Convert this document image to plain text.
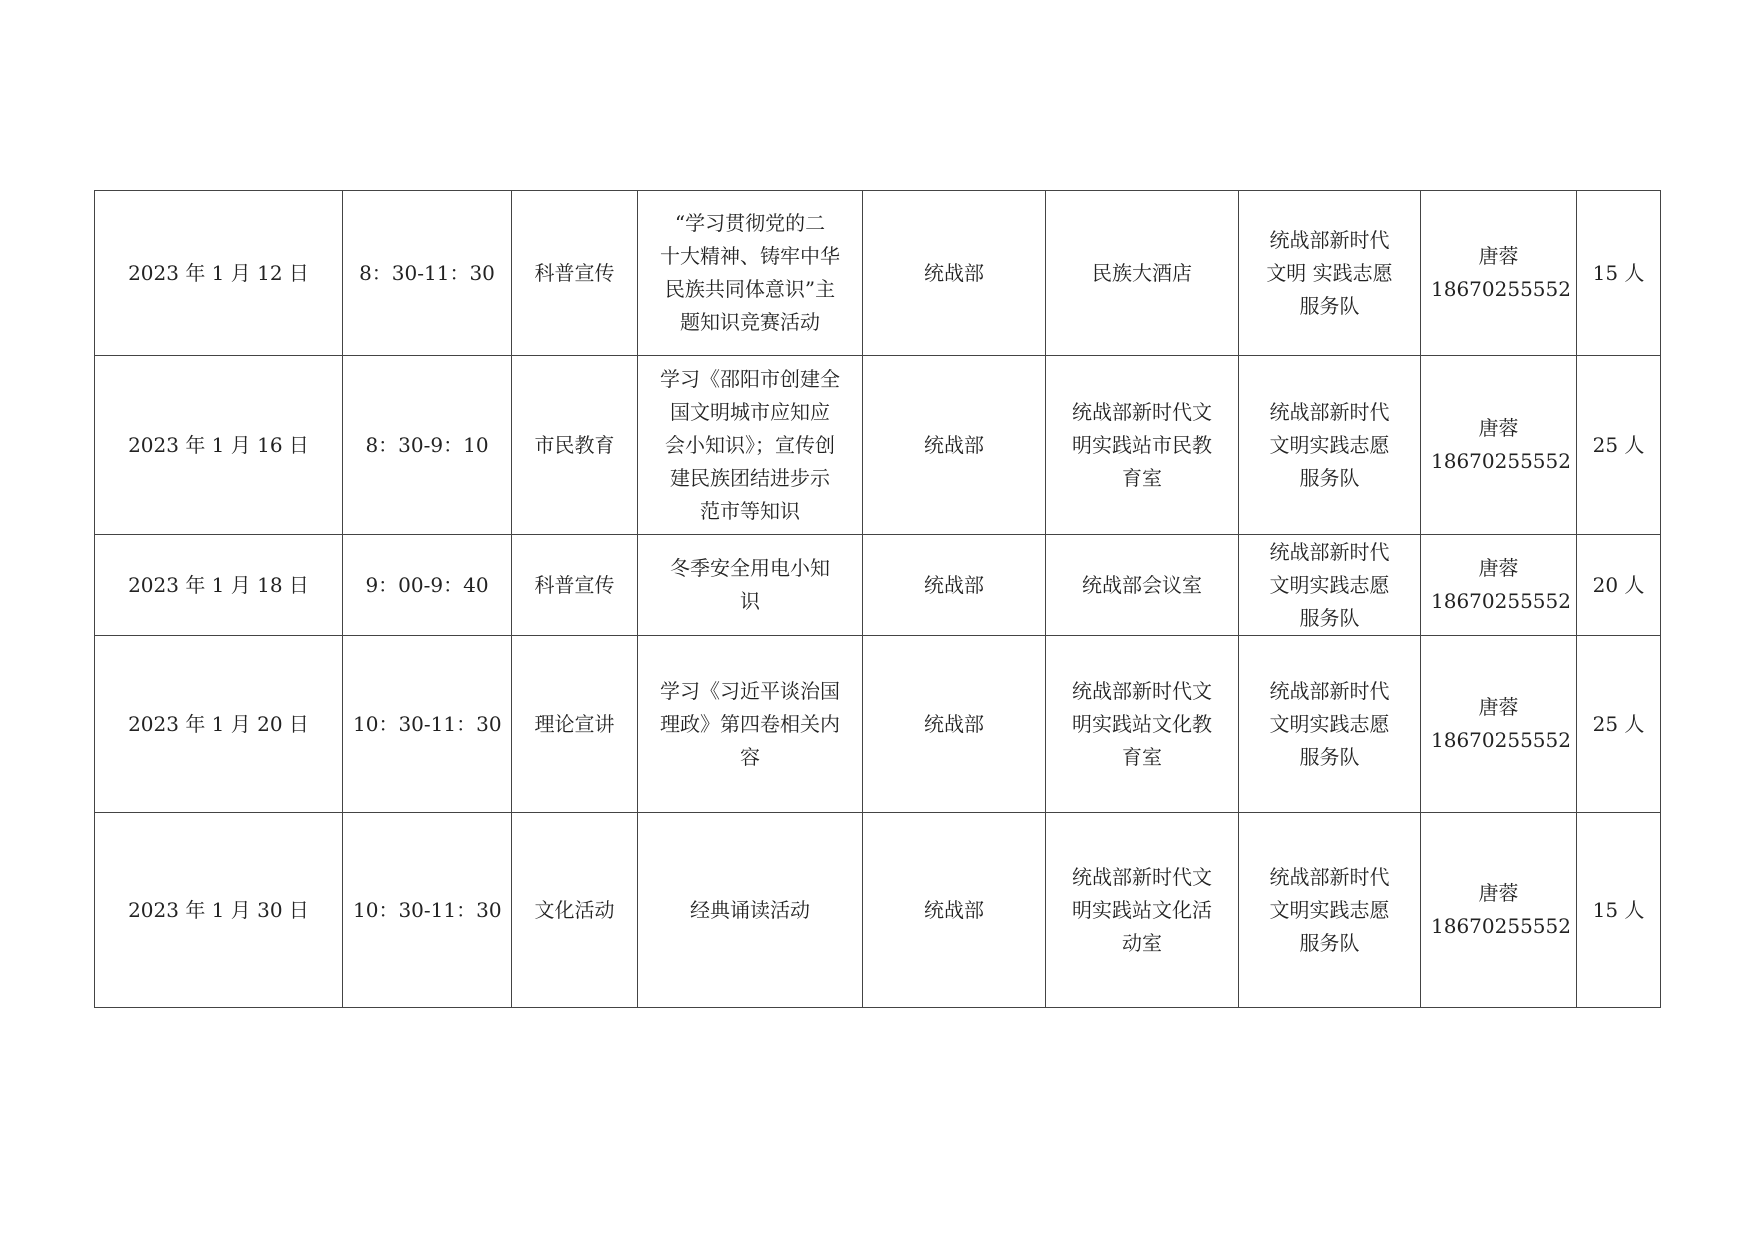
2023 年 1 月 12 日	8：30-11：30	科普宣传	“学习贯彻党的二
十大精神、铸牢中华
民族共同体意识”主
题知识竞赛活动	统战部	民族大酒店	统战部新时代
文明 实践志愿
服务队	唐蓉
18670255552	15 人
2023 年 1 月 16 日	8：30-9：10	市民教育	学习《邵阳市创建全
国文明城市应知应
会小知识》；宣传创
建民族团结进步示
范市等知识	统战部	统战部新时代文
明实践站市民教
育室	统战部新时代
文明实践志愿
服务队	唐蓉
18670255552	25 人
2023 年 1 月 18 日	9：00-9：40	科普宣传	冬季安全用电小知
识	统战部	统战部会议室	统战部新时代
文明实践志愿
服务队	唐蓉
18670255552	20 人
2023 年 1 月 20 日	10：30-11：30	理论宣讲	学习《习近平谈治国
理政》第四卷相关内
容	统战部	统战部新时代文
明实践站文化教
育室	统战部新时代
文明实践志愿
服务队	唐蓉
18670255552	25 人
2023 年 1 月 30 日	10：30-11：30	文化活动	经典诵读活动	统战部	统战部新时代文
明实践站文化活
动室	统战部新时代
文明实践志愿
服务队	唐蓉
18670255552	15 人
